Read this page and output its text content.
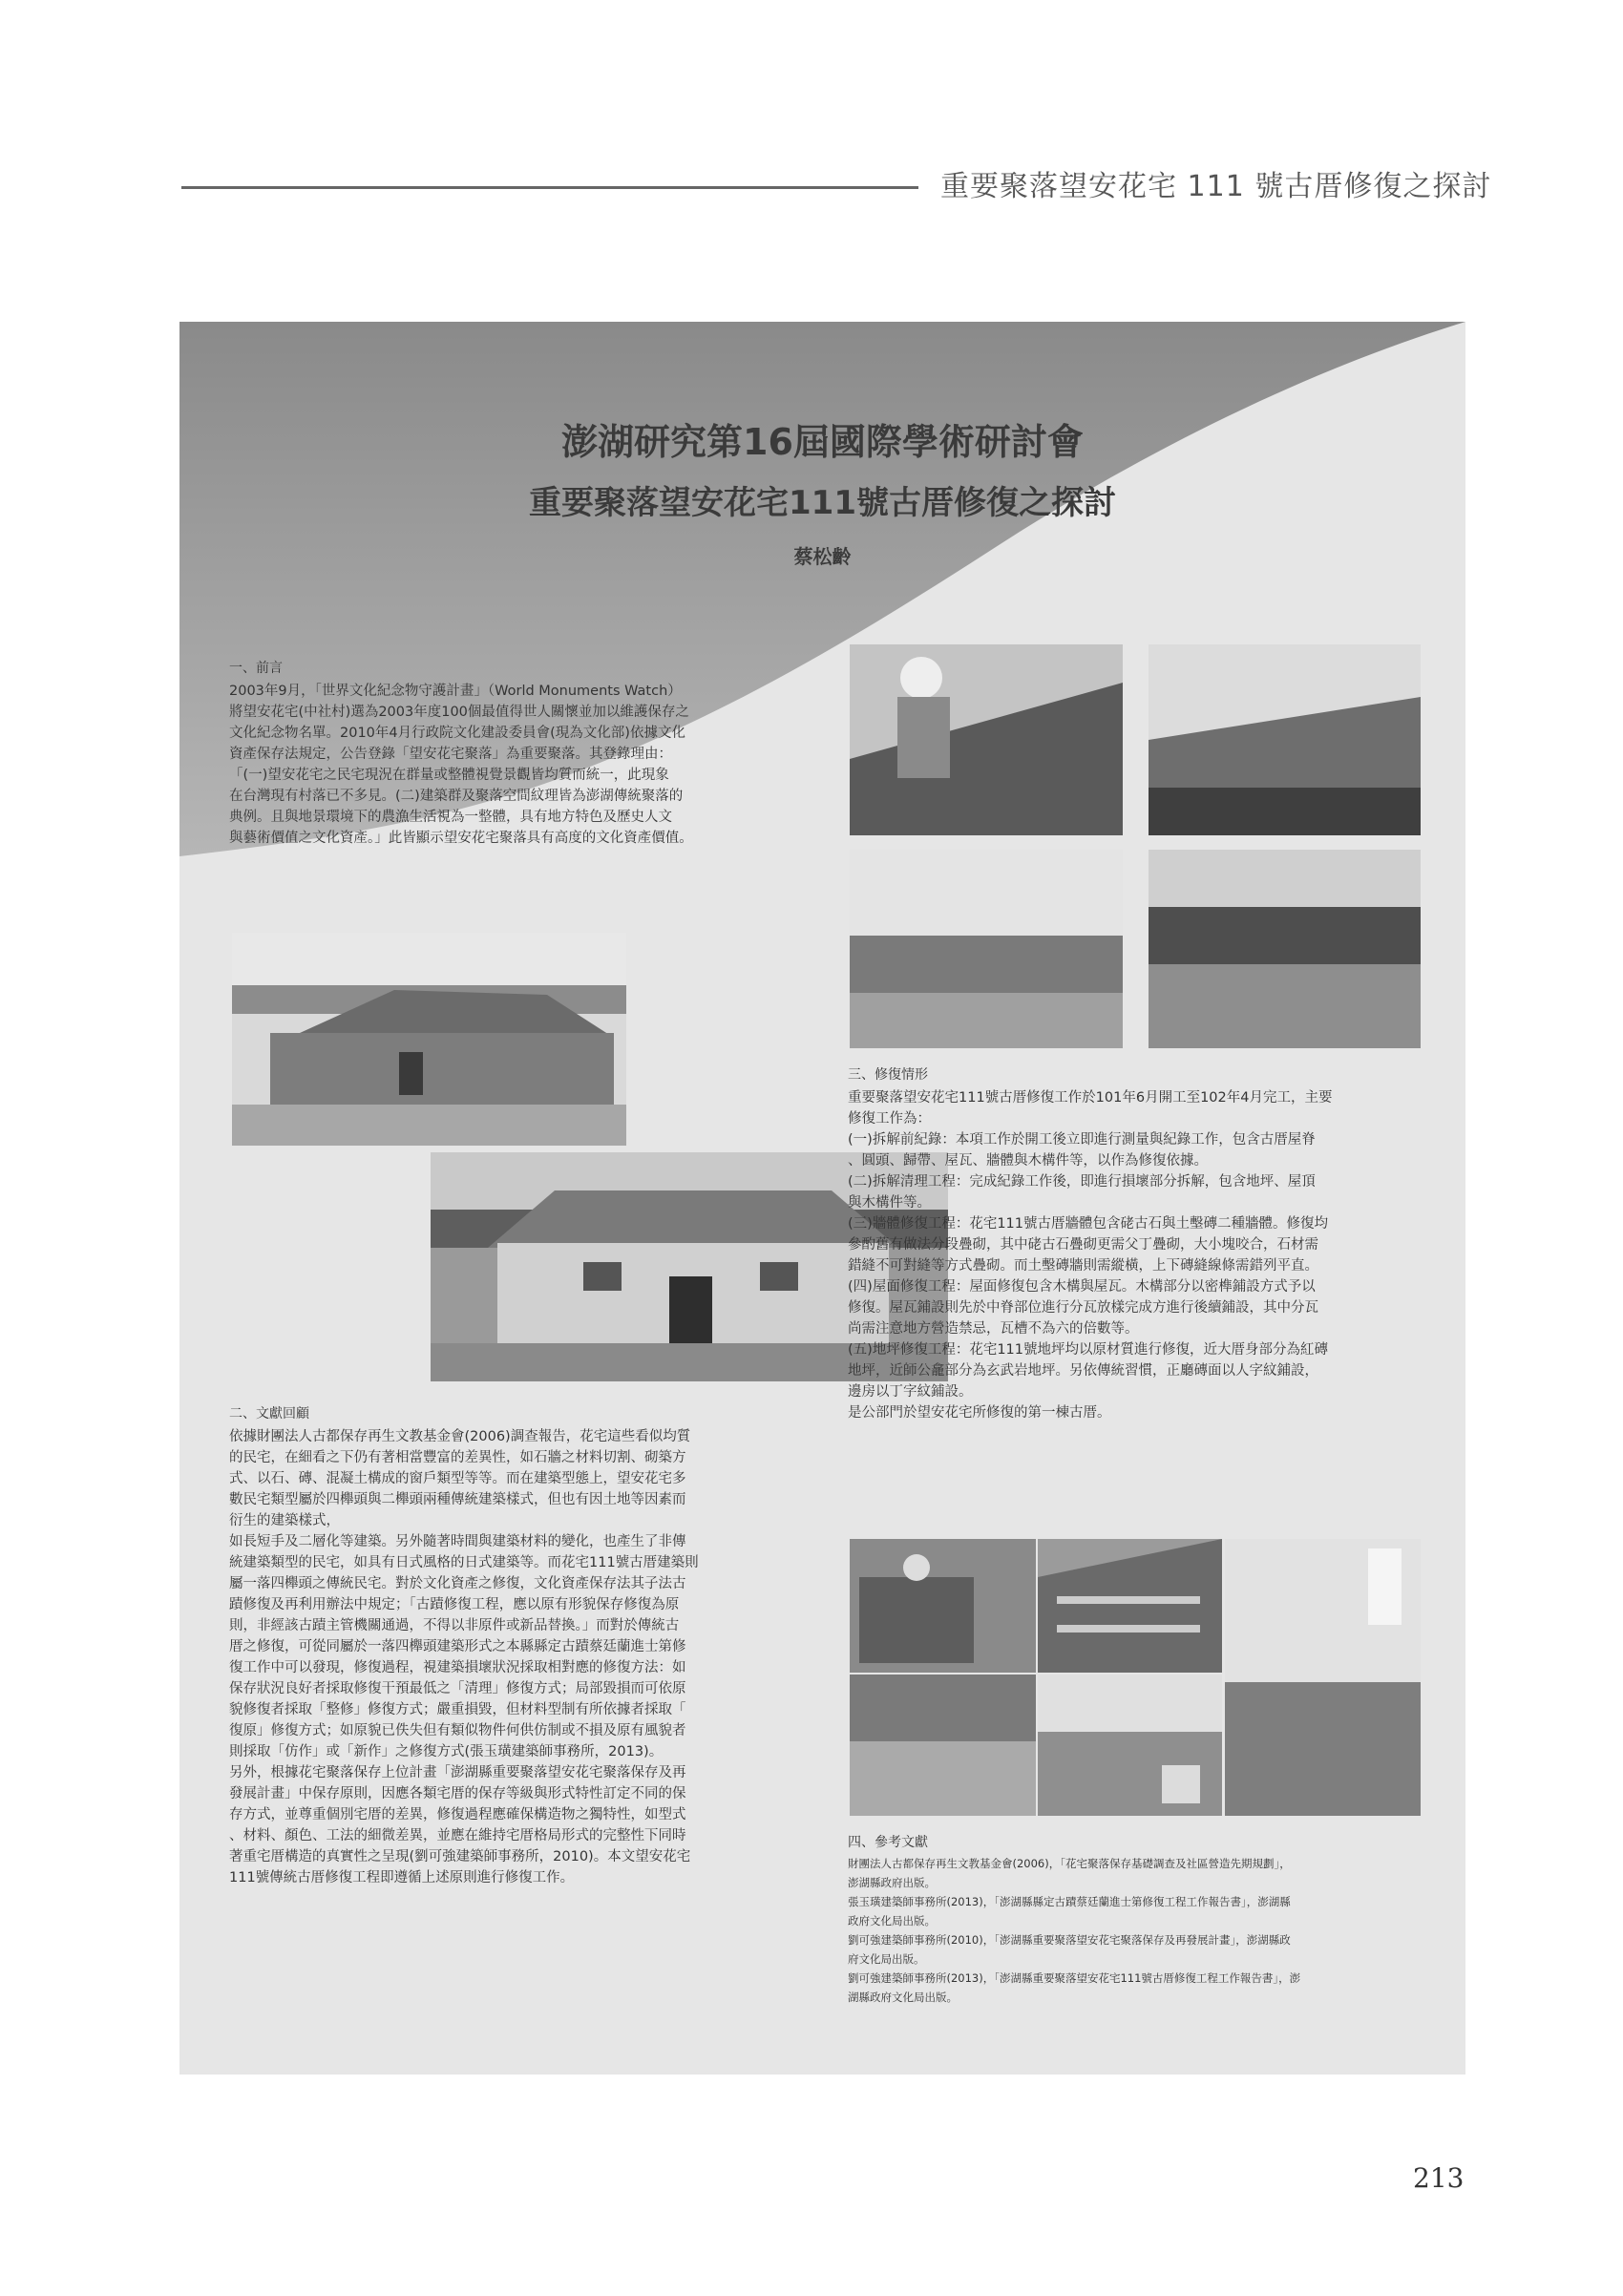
重要聚落望安花宅 111 號古厝修復之探討
澎湖研究第16屆國際學術研討會
重要聚落望安花宅111號古厝修復之探討
蔡松齡

一、前言

2003年9月，「世界文化紀念物守護計畫」（World Monuments Watch）

將望安花宅(中社村)選為2003年度100個最值得世人關懷並加以維護保存之

文化紀念物名單。2010年4月行政院文化建設委員會(現為文化部)依據文化

資產保存法規定，公告登錄「望安花宅聚落」為重要聚落。其登錄理由：

「(一)望安花宅之民宅現況在群量或整體視覺景觀皆均質而統一，此現象

在台灣現有村落已不多見。(二)建築群及聚落空間紋理皆為澎湖傳統聚落的

典例。且與地景環境下的農漁生活視為一整體，具有地方特色及歷史人文

與藝術價值之文化資產。」此皆顯示望安花宅聚落具有高度的文化資產價值。

二、文獻回顧

依據財團法人古都保存再生文教基金會(2006)調查報告，花宅這些看似均質

的民宅，在細看之下仍有著相當豐富的差異性，如石牆之材料切割、砌築方

式、以石、磚、混凝土構成的窗戶類型等等。而在建築型態上，望安花宅多

數民宅類型屬於四櫸頭與二櫸頭兩種傳統建築樣式，但也有因土地等因素而

衍生的建築樣式，

如長短手及二層化等建築。另外隨著時間與建築材料的變化，也產生了非傳

統建築類型的民宅，如具有日式風格的日式建築等。而花宅111號古厝建築則

屬一落四櫸頭之傳統民宅。對於文化資產之修復，文化資產保存法其子法古

蹟修復及再利用辦法中規定；「古蹟修復工程，應以原有形貌保存修復為原

則，非經該古蹟主管機關通過，不得以非原件或新品替換。」而對於傳統古

厝之修復，可從同屬於一落四櫸頭建築形式之本縣縣定古蹟蔡廷蘭進士第修

復工作中可以發現，修復過程，視建築損壞狀況採取相對應的修復方法：如

保存狀況良好者採取修復干預最低之「清理」修復方式；局部毀損而可依原

貌修復者採取「整修」修復方式；嚴重損毀，但材料型制有所依據者採取「

復原」修復方式；如原貌已佚失但有類似物件何供仿制或不損及原有風貌者

則採取「仿作」或「新作」之修復方式(張玉璜建築師事務所，2013)。

另外，根據花宅聚落保存上位計畫「澎湖縣重要聚落望安花宅聚落保存及再

發展計畫」中保存原則，因應各類宅厝的保存等級與形式特性訂定不同的保

存方式，並尊重個別宅厝的差異，修復過程應確保構造物之獨特性，如型式

、材料、顏色、工法的細微差異，並應在維持宅厝格局形式的完整性下同時

著重宅厝構造的真實性之呈現(劉可強建築師事務所，2010)。本文望安花宅

111號傳統古厝修復工程即遵循上述原則進行修復工作。

三、修復情形

重要聚落望安花宅111號古厝修復工作於101年6月開工至102年4月完工，主要

修復工作為：

(一)拆解前紀錄：本項工作於開工後立即進行測量與紀錄工作，包含古厝屋脊

、圓頭、歸帶、屋瓦、牆體與木構件等，以作為修復依據。

(二)拆解清理工程：完成紀錄工作後，即進行損壞部分拆解，包含地坪、屋頂

與木構件等。

(三)牆體修復工程：花宅111號古厝牆體包含硓古石與土墼磚二種牆體。修復均

參酌舊有做法分段疊砌，其中硓古石疊砌更需父丁疊砌，大小塊咬合，石材需

錯縫不可對縫等方式疊砌。而土墼磚牆則需縱橫，上下磚縫線條需錯列平直。

(四)屋面修復工程：屋面修復包含木構與屋瓦。木構部分以密榫鋪設方式予以

修復。屋瓦鋪設則先於中脊部位進行分瓦放樣完成方進行後續鋪設，其中分瓦

尚需注意地方營造禁忌，瓦槽不為六的倍數等。

(五)地坪修復工程：花宅111號地坪均以原材質進行修復，近大厝身部分為紅磚

地坪，近師公龕部分為玄武岩地坪。另依傳統習慣，正廳磚面以人字紋鋪設，

邊房以丁字紋鋪設。

是公部門於望安花宅所修復的第一棟古厝。

四、參考文獻

財團法人古都保存再生文教基金會(2006)，「花宅聚落保存基礎調查及社區營造先期規劃」，

澎湖縣政府出版。

張玉璜建築師事務所(2013)，「澎湖縣縣定古蹟蔡廷蘭進士第修復工程工作報告書」，澎湖縣

政府文化局出版。

劉可強建築師事務所(2010)，「澎湖縣重要聚落望安花宅聚落保存及再發展計畫」，澎湖縣政

府文化局出版。

劉可強建築師事務所(2013)，「澎湖縣重要聚落望安花宅111號古厝修復工程工作報告書」，澎

湖縣政府文化局出版。

213
